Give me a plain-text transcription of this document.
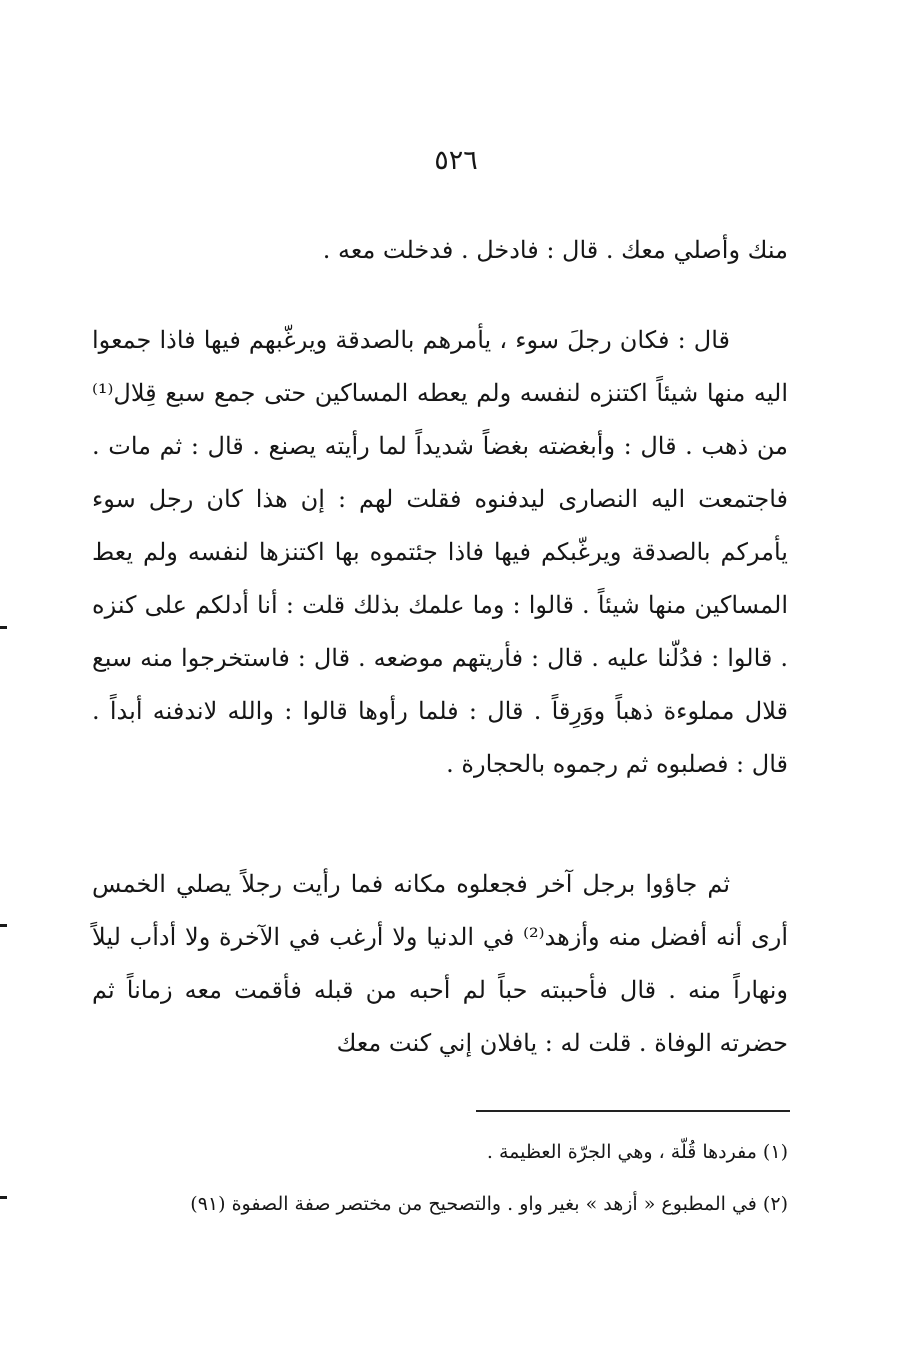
٥٢٦

منك وأصلي معك . قال : فادخل . فدخلت معه .

قال : فكان رجلَ سوء ، يأمرهم بالصدقة ويرغّبهم فيها فاذا جمعوا اليه منها شيئاً اكتنزه لنفسه ولم يعطه المساكين حتى جمع سبع قِلال⁽¹⁾ من ذهب . قال : وأبغضته بغضاً شديداً لما رأيته يصنع . قال : ثم مات . فاجتمعت اليه النصارى ليدفنوه فقلت لهم : إن هذا كان رجل سوء يأمركم بالصدقة ويرغّبكم فيها فاذا جئتموه بها اكتنزها لنفسه ولم يعط المساكين منها شيئاً . قالوا : وما علمك بذلك قلت : أنا أدلكم على كنزه . قالوا : فدُلّنا عليه . قال : فأريتهم موضعه . قال : فاستخرجوا منه سبع قلال مملوءة ذهباً ووَرِقاً . قال : فلما رأوها قالوا : والله لاندفنه أبداً . قال : فصلبوه ثم رجموه بالحجارة .

ثم جاؤوا برجل آخر فجعلوه مكانه فما رأيت رجلاً يصلي الخمس أرى أنه أفضل منه وأزهد⁽²⁾ في الدنيا ولا أرغب في الآخرة ولا أدأب ليلاً ونهاراً منه . قال فأحببته حباً لم أحبه من قبله فأقمت معه زماناً ثم حضرته الوفاة . قلت له : يافلان إني كنت معك

(١) مفردها قُلّة ، وهي الجرّة العظيمة .

(٢) في المطبوع « أزهد » بغير واو . والتصحيح من مختصر صفة الصفوة (٩١)
